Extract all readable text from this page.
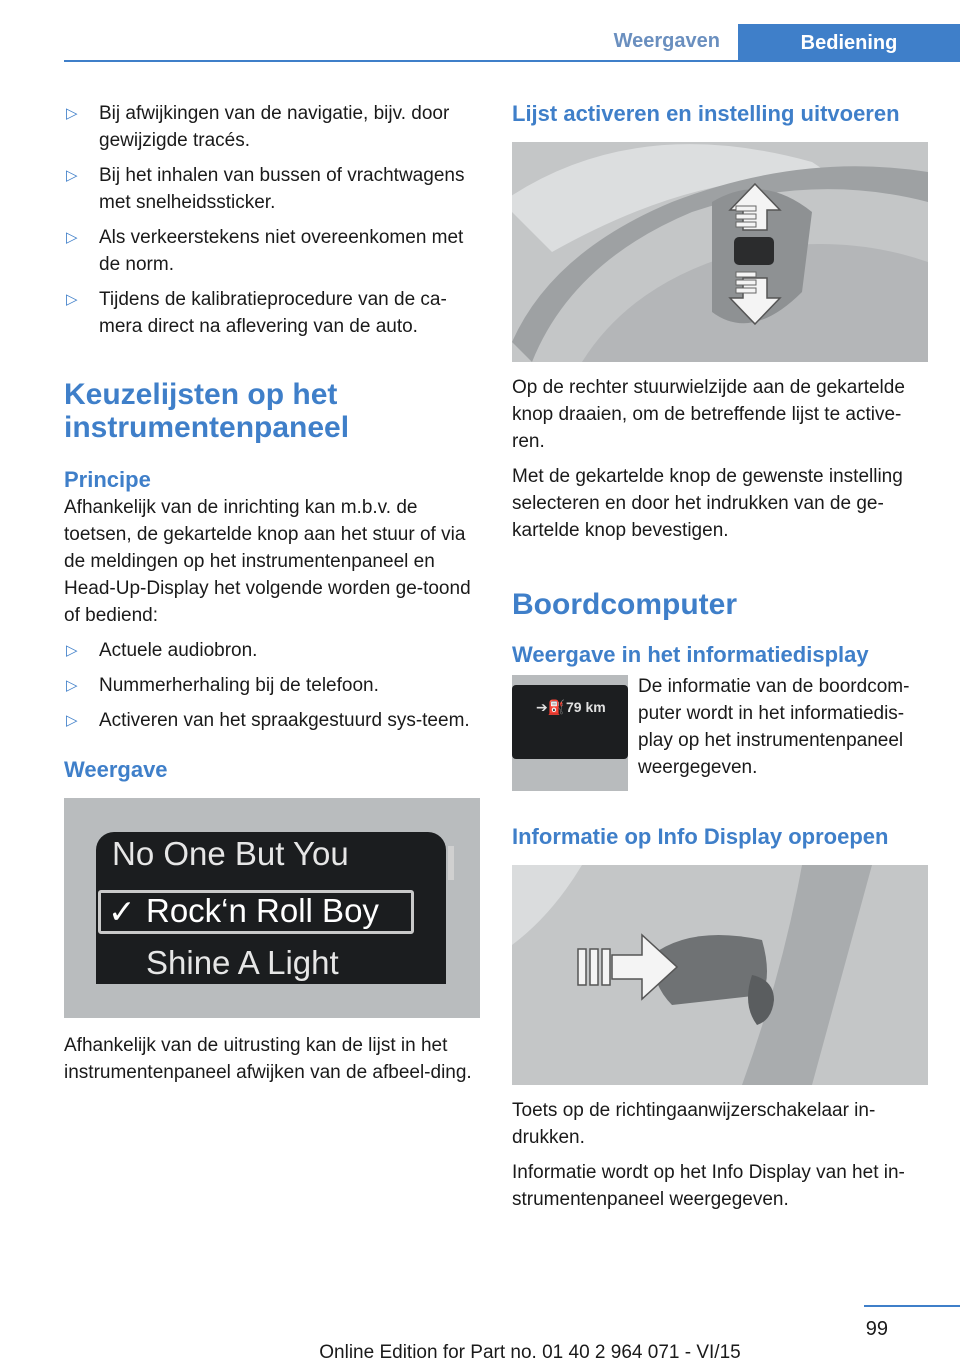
Weergaven	Bediening
▷ Bij afwijkingen van de navigatie, bijv. door gewijzigde tracés.
▷ Bij het inhalen van bussen of vrachtwagens met snelheidssticker.
▷ Als verkeerstekens niet overeenkomen met de norm.
▷ Tijdens de kalibratieprocedure van de ca‐mera direct na aflevering van de auto.
Keuzelijsten op het instrumentenpaneel
Principe

Afhankelijk van de inrichting kan m.b.v. de toetsen, de gekartelde knop aan het stuur of via de meldingen op het instrumentenpaneel en Head-Up-Display het volgende worden ge‐toond of bediend:

▷ Actuele audiobron.
▷ Nummerherhaling bij de telefoon.
▷ Activeren van het spraakgestuurd sys‐teem.
Weergave
No One But You
✓ Rock‘n Roll Boy
Shine A Light

Afhankelijk van de uitrusting kan de lijst in het instrumentenpaneel afwijken van de afbeel‐ding.

Lijst activeren en instelling uitvoeren

Op de rechter stuurwielzijde aan de gekartelde knop draaien, om de betreffende lijst te active‐ren.

Met de gekartelde knop de gewenste instelling selecteren en door het indrukken van de ge‐kartelde knop bevestigen.

Boordcomputer
Weergave in het informatiedisplay
➔⛽ 79 km

De informatie van de boordcom‐puter wordt in het informatiedis‐play op het instrumentenpaneel weergegeven.

Informatie op Info Display oproepen

Toets op de richtingaanwijzerschakelaar in‐drukken.

Informatie wordt op het Info Display van het in‐strumentenpaneel weergegeven.

99
Online Edition for Part no. 01 40 2 964 071 - VI/15
